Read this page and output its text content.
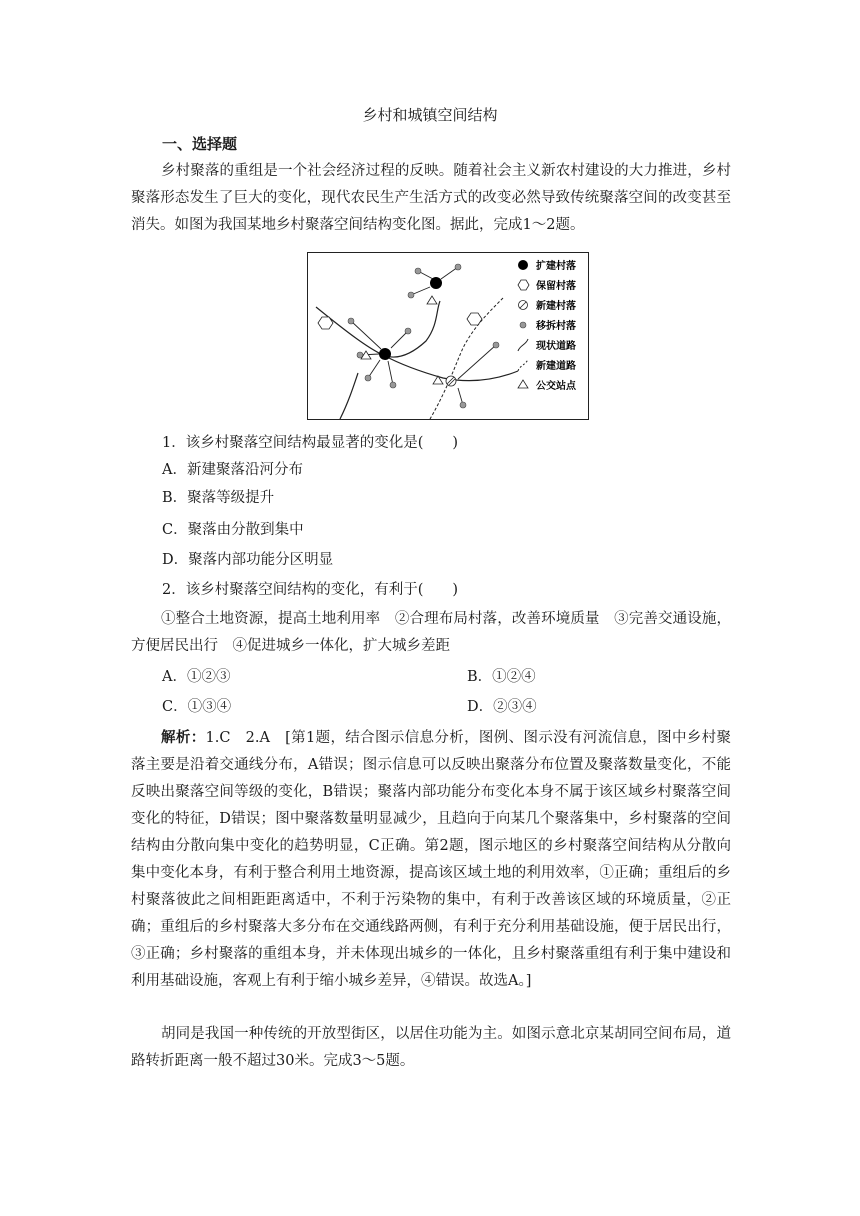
乡村和城镇空间结构
一、选择题
乡村聚落的重组是一个社会经济过程的反映。随着社会主义新农村建设的大力推进，乡村聚落形态发生了巨大的变化，现代农民生产生活方式的改变必然导致传统聚落空间的改变甚至消失。如图为我国某地乡村聚落空间结构变化图。据此，完成1～2题。
扩建村落
保留村落
新建村落
移拆村落
现状道路
新建道路
公交站点
1．该乡村聚落空间结构最显著的变化是(　　)
A．新建聚落沿河分布
B．聚落等级提升
C．聚落由分散到集中
D．聚落内部功能分区明显
2．该乡村聚落空间结构的变化，有利于(　　)
①整合土地资源，提高土地利用率　②合理布局村落，改善环境质量　③完善交通设施，方便居民出行　④促进城乡一体化，扩大城乡差距
A．①②③	B．①②④
C．①③④	D．②③④
解析：1.C　2.A　[第1题，结合图示信息分析，图例、图示没有河流信息，图中乡村聚落主要是沿着交通线分布，A错误；图示信息可以反映出聚落分布位置及聚落数量变化，不能反映出聚落空间等级的变化，B错误；聚落内部功能分布变化本身不属于该区域乡村聚落空间变化的特征，D错误；图中聚落数量明显减少，且趋向于向某几个聚落集中，乡村聚落的空间结构由分散向集中变化的趋势明显，C正确。第2题，图示地区的乡村聚落空间结构从分散向集中变化本身，有利于整合利用土地资源，提高该区域土地的利用效率，①正确；重组后的乡村聚落彼此之间相距距离适中，不利于污染物的集中，有利于改善该区域的环境质量，②正确；重组后的乡村聚落大多分布在交通线路两侧，有利于充分利用基础设施，便于居民出行，③正确；乡村聚落的重组本身，并未体现出城乡的一体化，且乡村聚落重组有利于集中建设和利用基础设施，客观上有利于缩小城乡差异，④错误。故选A。]
胡同是我国一种传统的开放型街区，以居住功能为主。如图示意北京某胡同空间布局，道路转折距离一般不超过30米。完成3～5题。
